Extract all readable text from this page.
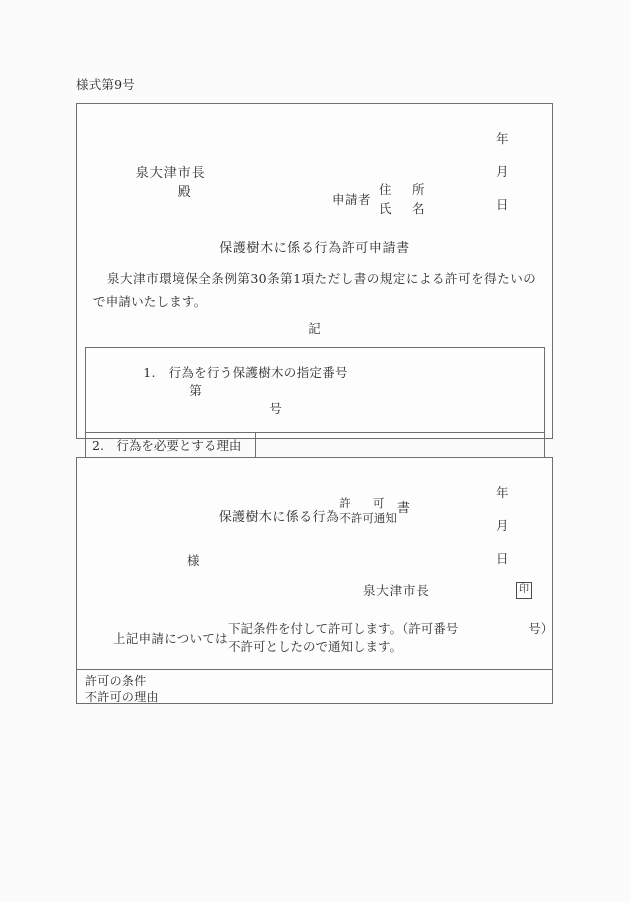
様式第9号

年

月

日

泉大津市長
殿
	申請者
住　所
氏　名
保護樹木に係る行為許可申請書
泉大津市環境保全条例第30条第1項ただし書の規定による許可を得たいので申請いたします。
記

1.　行為を行う保護樹木の指定番号
第
号	

2.　行為を必要とする理由	

年

月

日

保護樹木に係る行為
許可
不許可通知
書
様
泉大津市長	印
上記申請については
下記条件を付して許可します。（許可番号	号）
不許可としたので通知します。
許可の条件
不許可の理由
